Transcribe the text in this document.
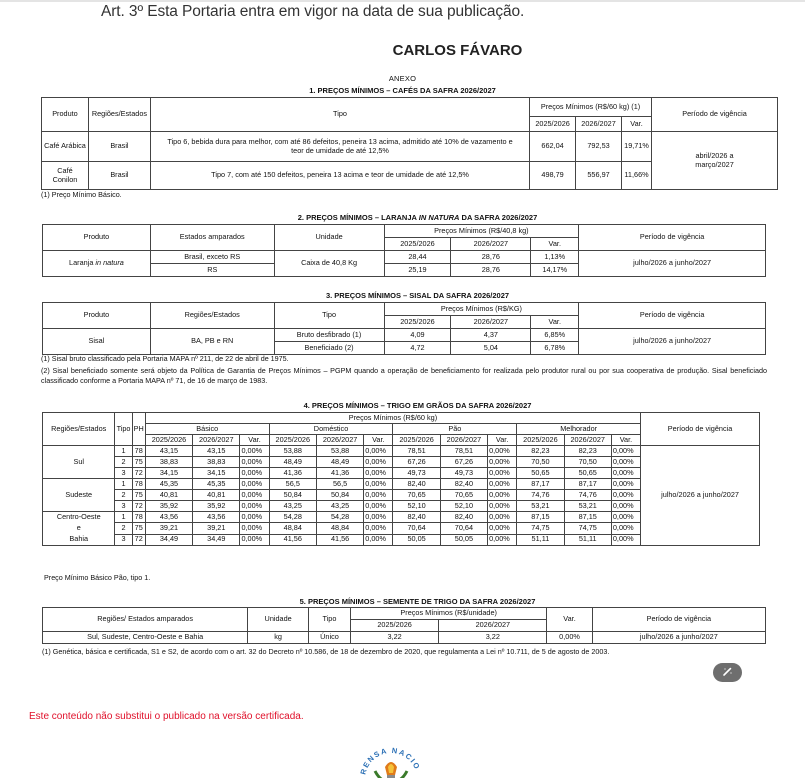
Art. 3º Esta Portaria entra em vigor na data de sua publicação.
CARLOS FÁVARO
ANEXO
1. PREÇOS MÍNIMOS – CAFÉS DA SAFRA 2026/2027
Produto	Regiões/Estados	Tipo	Preços Mínimos (R$/60 kg) (1)			Período de vigência
			2025/2026	2026/2027	Var.	
Café Arábica	Brasil	Tipo 6, bebida dura para melhor, com até 86 defeitos, peneira 13 acima, admitido até 10% de vazamento e teor de umidade de até 12,5%	662,04	792,53	19,71%	abril/2026 a março/2027
Café Conilon	Brasil	Tipo 7, com até 150 defeitos, peneira 13 acima e teor de umidade de até 12,5%	498,79	556,97	11,66%	
(1) Preço Mínimo Básico.
2. PREÇOS MÍNIMOS – LARANJA IN NATURA DA SAFRA 2026/2027
Produto	Estados amparados	Unidade	Preços Mínimos (R$/40,8 kg)			Período de vigência
			2025/2026	2026/2027	Var.	
Laranja in natura	Brasil, exceto RS	Caixa de 40,8 Kg	28,44	28,76	1,13%	julho/2026 a junho/2027
	RS		25,19	28,76	14,17%	
3. PREÇOS MÍNIMOS – SISAL DA SAFRA 2026/2027
Produto	Regiões/Estados	Tipo	Preços Mínimos (R$/KG)			Período de vigência
			2025/2026	2026/2027	Var.	
Sisal	BA, PB e RN	Bruto desfibrado (1)	4,09	4,37	6,85%	julho/2026 a junho/2027
		Beneficiado (2)	4,72	5,04	6,78%	
(1) Sisal bruto classificado pela Portaria MAPA nº 211, de 22 de abril de 1975.
(2) Sisal beneficiado somente será objeto da Política de Garantia de Preços Mínimos – PGPM quando a operação de beneficiamento for realizada pelo produtor rural ou por sua cooperativa de produção. Sisal beneficiado classificado conforme a Portaria MAPA nº 71, de 16 de março de 1983.
4. PREÇOS MÍNIMOS – TRIGO EM GRÃOS DA SAFRA 2026/2027
Regiões/Estados	Tipo	PH	Preços Mínimos (R$/60 kg)												Período de vigência
			Básico			Doméstico			Pão			Melhorador			
			2025/2026	2026/2027	Var.	2025/2026	2026/2027	Var.	2025/2026	2026/2027	Var.	2025/2026	2026/2027	Var.	
Sul	1	78	43,15	43,15	0,00%	53,88	53,88	0,00%	78,51	78,51	0,00%	82,23	82,23	0,00%	julho/2026 a junho/2027
	2	75	38,83	38,83	0,00%	48,49	48,49	0,00%	67,26	67,26	0,00%	70,50	70,50	0,00%	
	3	72	34,15	34,15	0,00%	41,36	41,36	0,00%	49,73	49,73	0,00%	50,65	50,65	0,00%	
Sudeste	1	78	45,35	45,35	0,00%	56,5	56,5	0,00%	82,40	82,40	0,00%	87,17	87,17	0,00%	
	2	75	40,81	40,81	0,00%	50,84	50,84	0,00%	70,65	70,65	0,00%	74,76	74,76	0,00%	
	3	72	35,92	35,92	0,00%	43,25	43,25	0,00%	52,10	52,10	0,00%	53,21	53,21	0,00%	

Centro-Oeste
e
Bahia	1	78	43,56	43,56	0,00%	54,28	54,28	0,00%	82,40	82,40	0,00%	87,15	87,15	0,00%	
	2	75	39,21	39,21	0,00%	48,84	48,84	0,00%	70,64	70,64	0,00%	74,75	74,75	0,00%	
	3	72	34,49	34,49	0,00%	41,56	41,56	0,00%	50,05	50,05	0,00%	51,11	51,11	0,00%	
Preço Mínimo Básico Pão, tipo 1.
5. PREÇOS MÍNIMOS – SEMENTE DE TRIGO DA SAFRA 2026/2027
Regiões/ Estados amparados	Unidade	Tipo	Preços Mínimos (R$/unidade)		Var.	Período de vigência
			2025/2026	2026/2027		
Sul, Sudeste, Centro-Oeste e Bahia	kg	Único	3,22	3,22	0,00%	julho/2026 a junho/2027
(1) Genética, básica e certificada, S1 e S2, de acordo com o art. 32 do Decreto nº 10.586, de 18 de dezembro de 2020, que regulamenta a Lei nº 10.711, de 5 de agosto de 2003.
Este conteúdo não substitui o publicado na versão certificada.
RENSA NACIO
